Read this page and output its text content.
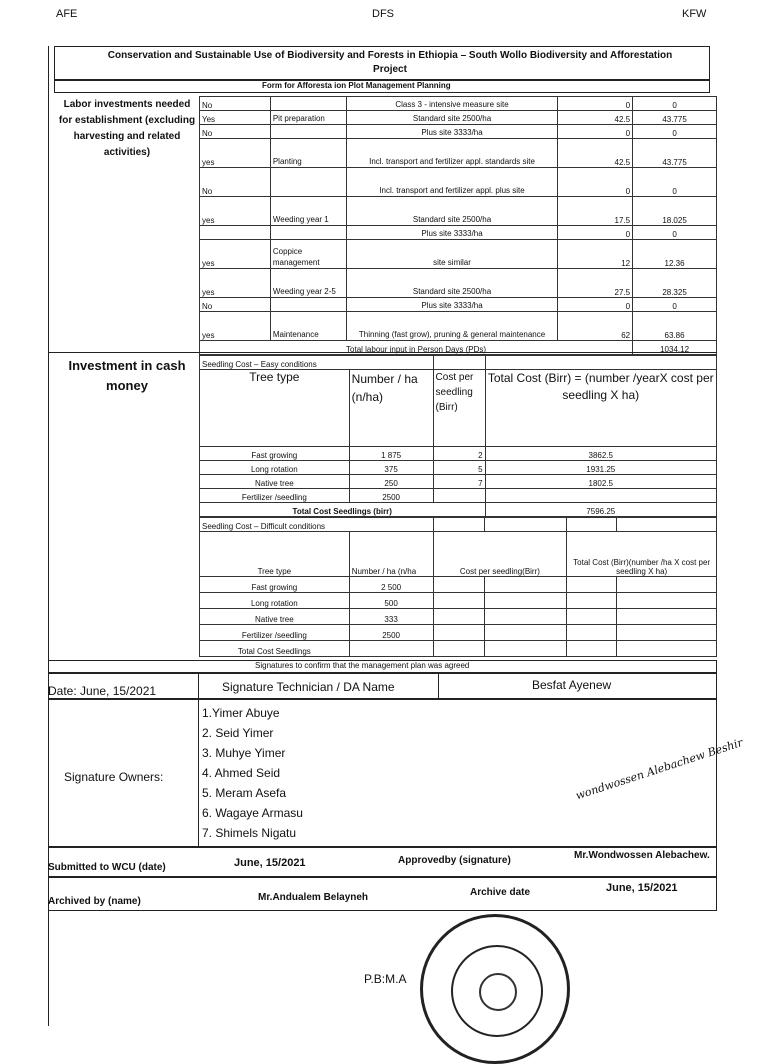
AFE	DFS	KFW
Conservation and Sustainable Use of Biodiversity and Forests in Ethiopia – South Wollo Biodiversity and Afforestation Project
Form for Afforesta ion Plot Management Planning
Labor investments needed for establishment (excluding harvesting and related activities)
No		Class 3 - intensive measure site	0	0
Yes	Pit preparation	Standard site 2500/ha	42.5	43.775
No		Plus site 3333/ha	0	0
yes	Planting	Incl. transport and fertilizer appl. standards site	42.5	43.775
No		Incl. transport and fertilizer appl. plus site	0	0
yes	Weeding year 1	Standard site 2500/ha	17.5	18.025
		Plus site 3333/ha	0	0
yes	Coppice management	site similar	12	12.36
yes	Weeding year 2-5	Standard site 2500/ha	27.5	28.325
No		Plus site 3333/ha	0	0
yes	Maintenance	Thinning (fast grow), pruning & general maintenance	62	63.86
Total labour input in Person Days (PDs)				1034.12
Investment in cash money
Seedling Cost – Easy conditions			
Tree type	Number / ha (n/ha)	Cost per seedling (Birr)	Total Cost (Birr) = (number /yearX cost per seedling X ha)
Fast growing	1 875	2	3862.5
Long rotation	375	5	1931.25
Native tree	250	7	1802.5
Fertilizer /seedling	2500		
Total Cost Seedlings (birr)			7596.25
Seedling Cost – Difficult conditions					
Tree type	Number / ha (n/ha	Cost per seedling(Birr)		Total Cost (Birr)(number /ha X cost per seedling X ha)	
Fast growing	2 500				
Long rotation	500				
Native tree	333				
Fertilizer /seedling	2500				
Total Cost Seedlings					
Signatures to confirm that the management plan was agreed
Date: June, 15/2021	Signature Technician / DA Name	Besfat Ayenew
Signature Owners:
1.Yimer Abuye
2. Seid Yimer
3. Muhye Yimer
4. Ahmed Seid
5. Meram Asefa
6. Wagaye Armasu
7. Shimels Nigatu
wondwossen Alebachew Beshir
Submitted to WCU (date)	June, 15/2021	Approvedby (signature)	Mr.Wondwossen Alebachew.
Archived by (name)	Mr.Andualem Belayneh	Archive date	June, 15/2021
P.B:M.A
